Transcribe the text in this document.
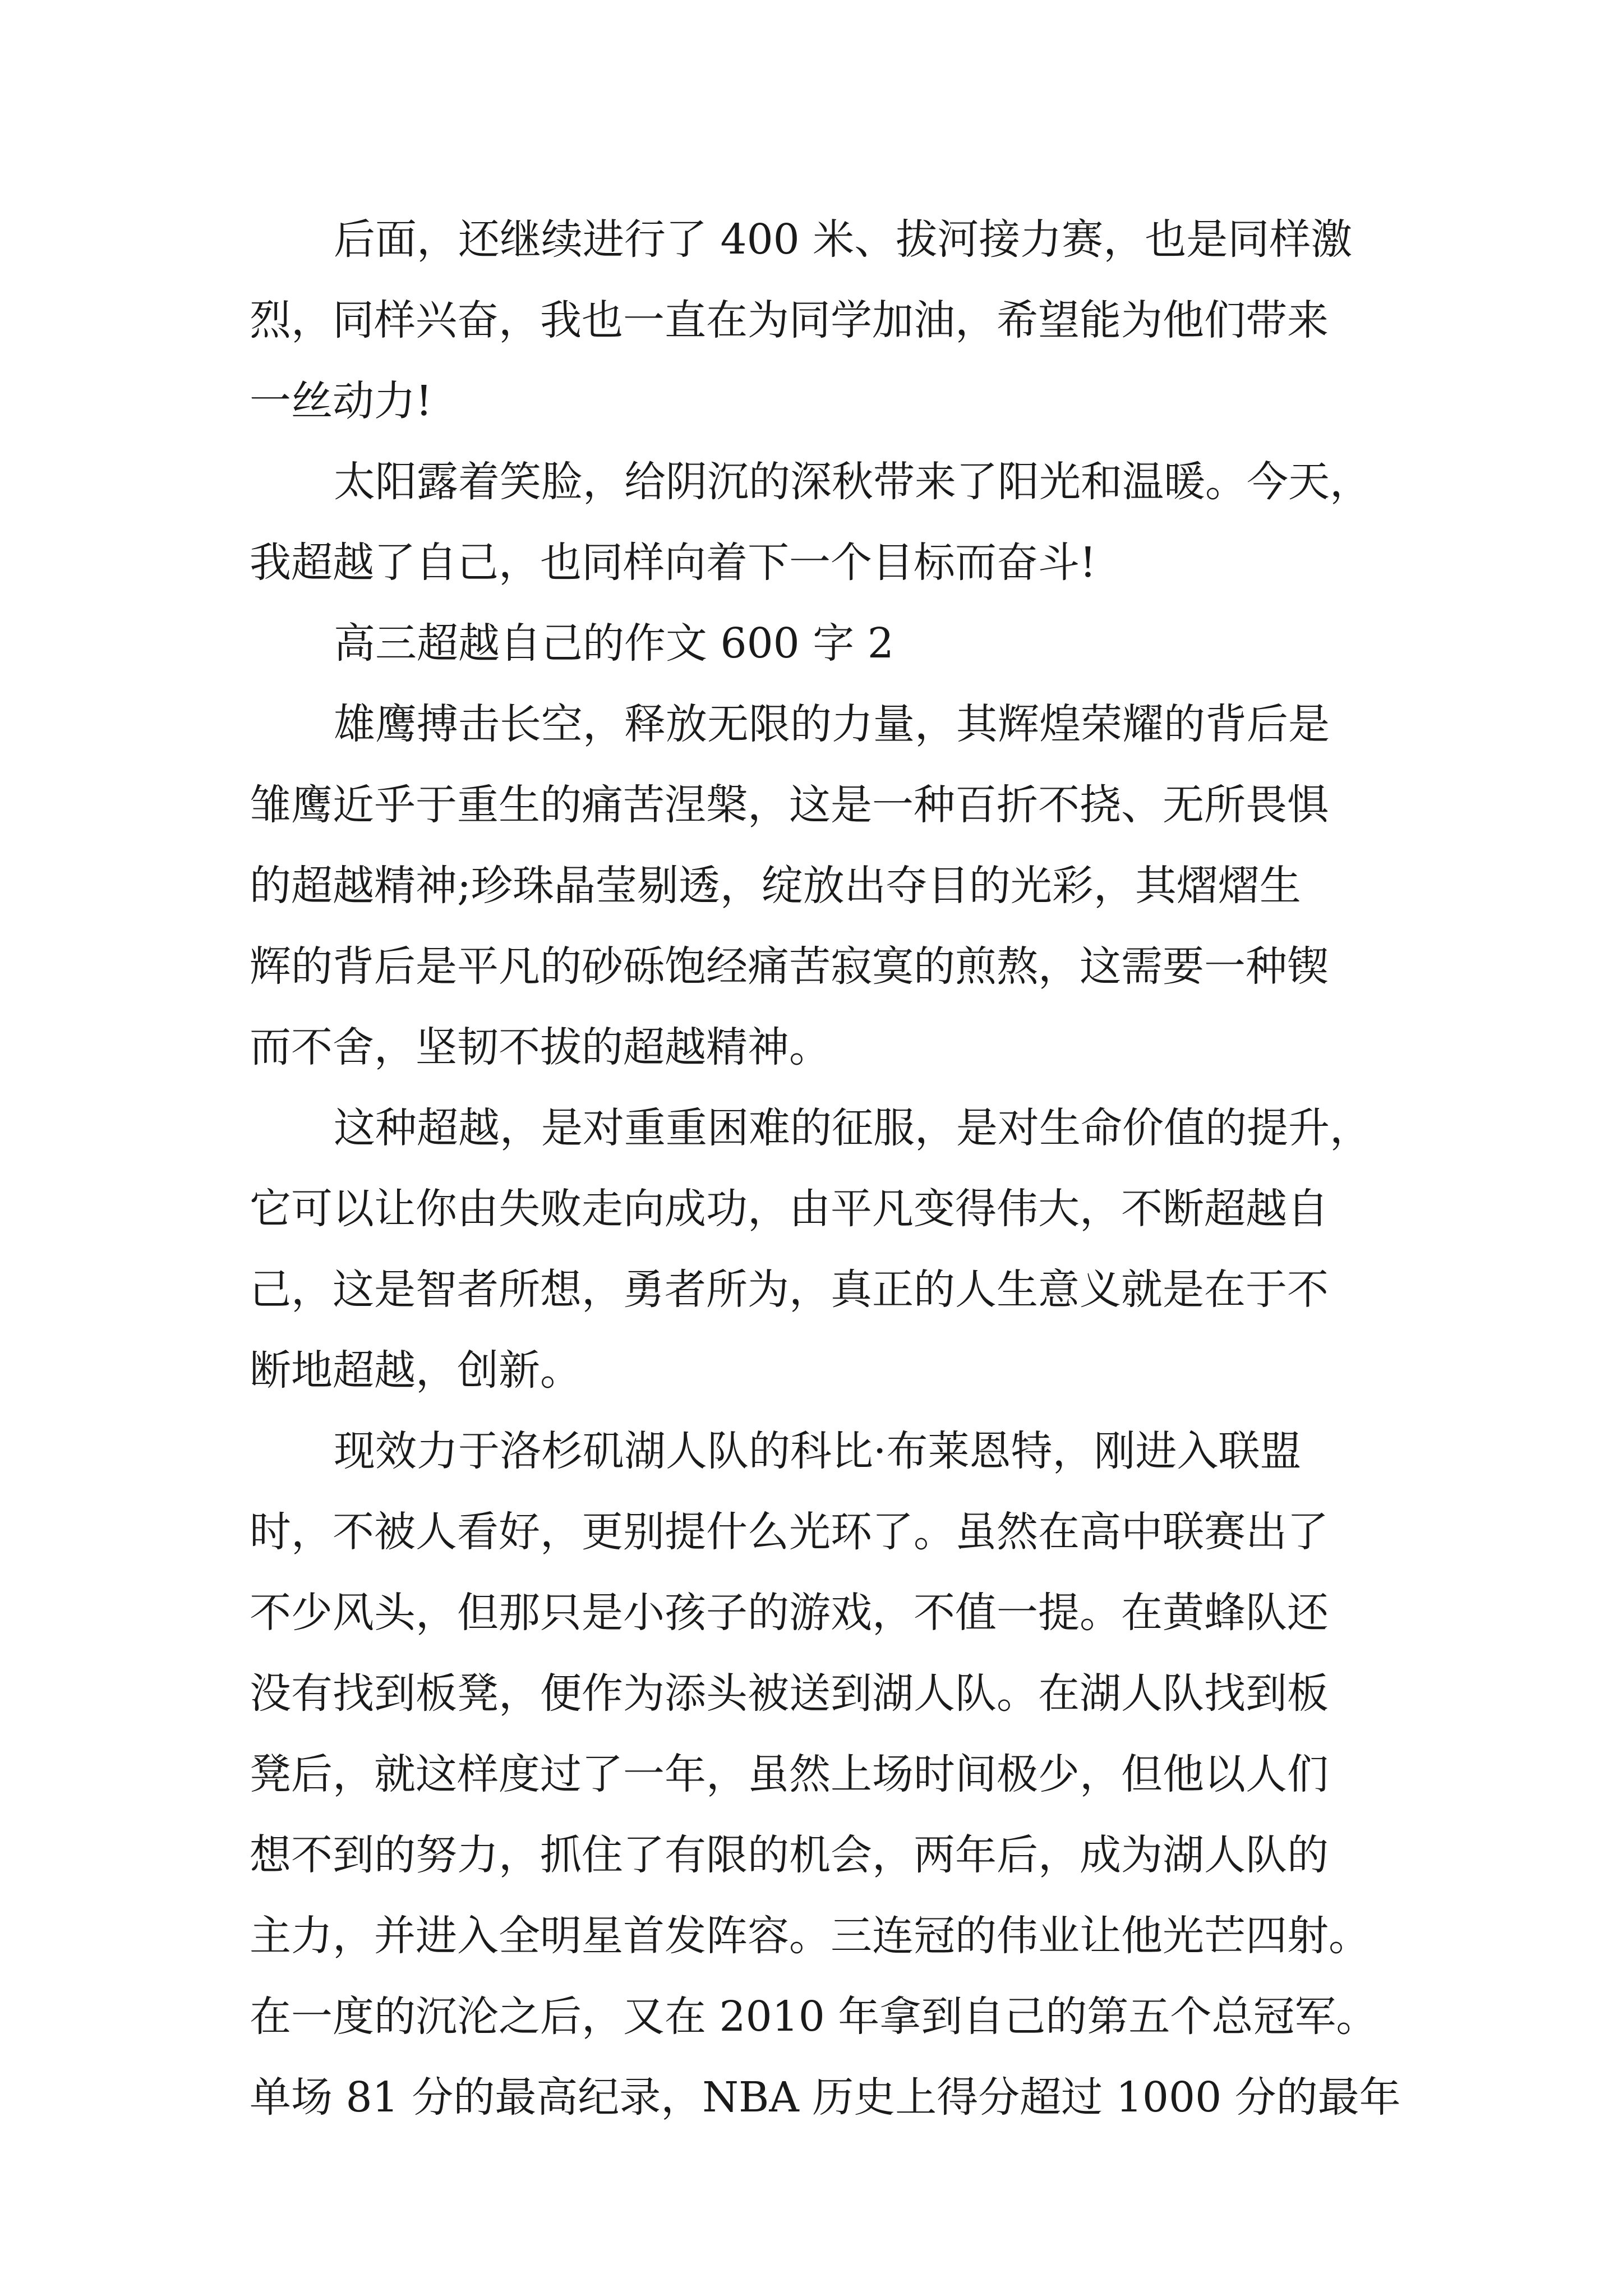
后面，还继续进行了 400 米、拔河接力赛，也是同样激
烈，同样兴奋，我也一直在为同学加油，希望能为他们带来
一丝动力!
太阳露着笑脸，给阴沉的深秋带来了阳光和温暖。今天，
我超越了自己，也同样向着下一个目标而奋斗!
高三超越自己的作文 600 字 2
雄鹰搏击长空，释放无限的力量，其辉煌荣耀的背后是
雏鹰近乎于重生的痛苦涅槃，这是一种百折不挠、无所畏惧
的超越精神;珍珠晶莹剔透，绽放出夺目的光彩，其熠熠生
辉的背后是平凡的砂砾饱经痛苦寂寞的煎熬，这需要一种锲
而不舍，坚韧不拔的超越精神。
这种超越，是对重重困难的征服，是对生命价值的提升，
它可以让你由失败走向成功，由平凡变得伟大，不断超越自
己，这是智者所想，勇者所为，真正的人生意义就是在于不
断地超越，创新。
现效力于洛杉矶湖人队的科比·布莱恩特，刚进入联盟
时，不被人看好，更别提什么光环了。虽然在高中联赛出了
不少风头，但那只是小孩子的游戏，不值一提。在黄蜂队还
没有找到板凳，便作为添头被送到湖人队。在湖人队找到板
凳后，就这样度过了一年，虽然上场时间极少，但他以人们
想不到的努力，抓住了有限的机会，两年后，成为湖人队的
主力，并进入全明星首发阵容。三连冠的伟业让他光芒四射。
在一度的沉沦之后，又在 2010 年拿到自己的第五个总冠军。
单场 81 分的最高纪录，NBA 历史上得分超过 1000 分的最年
